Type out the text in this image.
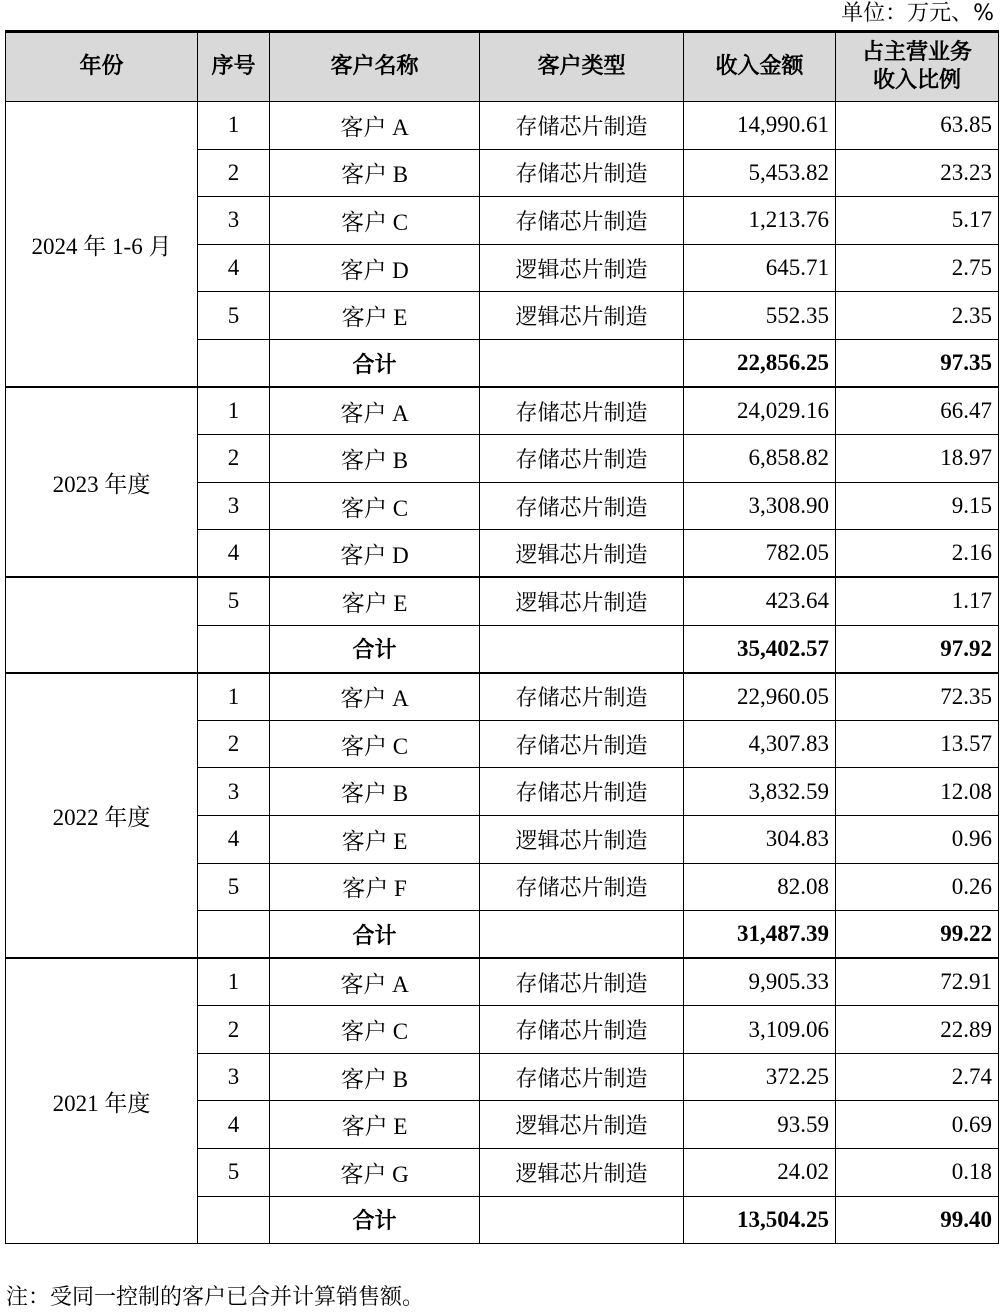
单位：万元、%
年份	序号	客户名称	客户类型	收入金额	占主营业务
收入比例

2024 年 1-6 月	1	客户 A	存储芯片制造	14,990.61	63.85
	2	客户 B	存储芯片制造	5,453.82	23.23
	3	客户 C	存储芯片制造	1,213.76	5.17
	4	客户 D	逻辑芯片制造	645.71	2.75
	5	客户 E	逻辑芯片制造	552.35	2.35
		合计		22,856.25	97.35
2023 年度	1	客户 A	存储芯片制造	24,029.16	66.47
	2	客户 B	存储芯片制造	6,858.82	18.97
	3	客户 C	存储芯片制造	3,308.90	9.15
	4	客户 D	逻辑芯片制造	782.05	2.16
	5	客户 E	逻辑芯片制造	423.64	1.17
		合计		35,402.57	97.92
2022 年度	1	客户 A	存储芯片制造	22,960.05	72.35
	2	客户 C	存储芯片制造	4,307.83	13.57
	3	客户 B	存储芯片制造	3,832.59	12.08
	4	客户 E	逻辑芯片制造	304.83	0.96
	5	客户 F	存储芯片制造	82.08	0.26
		合计		31,487.39	99.22
2021 年度	1	客户 A	存储芯片制造	9,905.33	72.91
	2	客户 C	存储芯片制造	3,109.06	22.89
	3	客户 B	存储芯片制造	372.25	2.74
	4	客户 E	逻辑芯片制造	93.59	0.69
	5	客户 G	逻辑芯片制造	24.02	0.18
		合计		13,504.25	99.40
注：受同一控制的客户已合并计算销售额。
